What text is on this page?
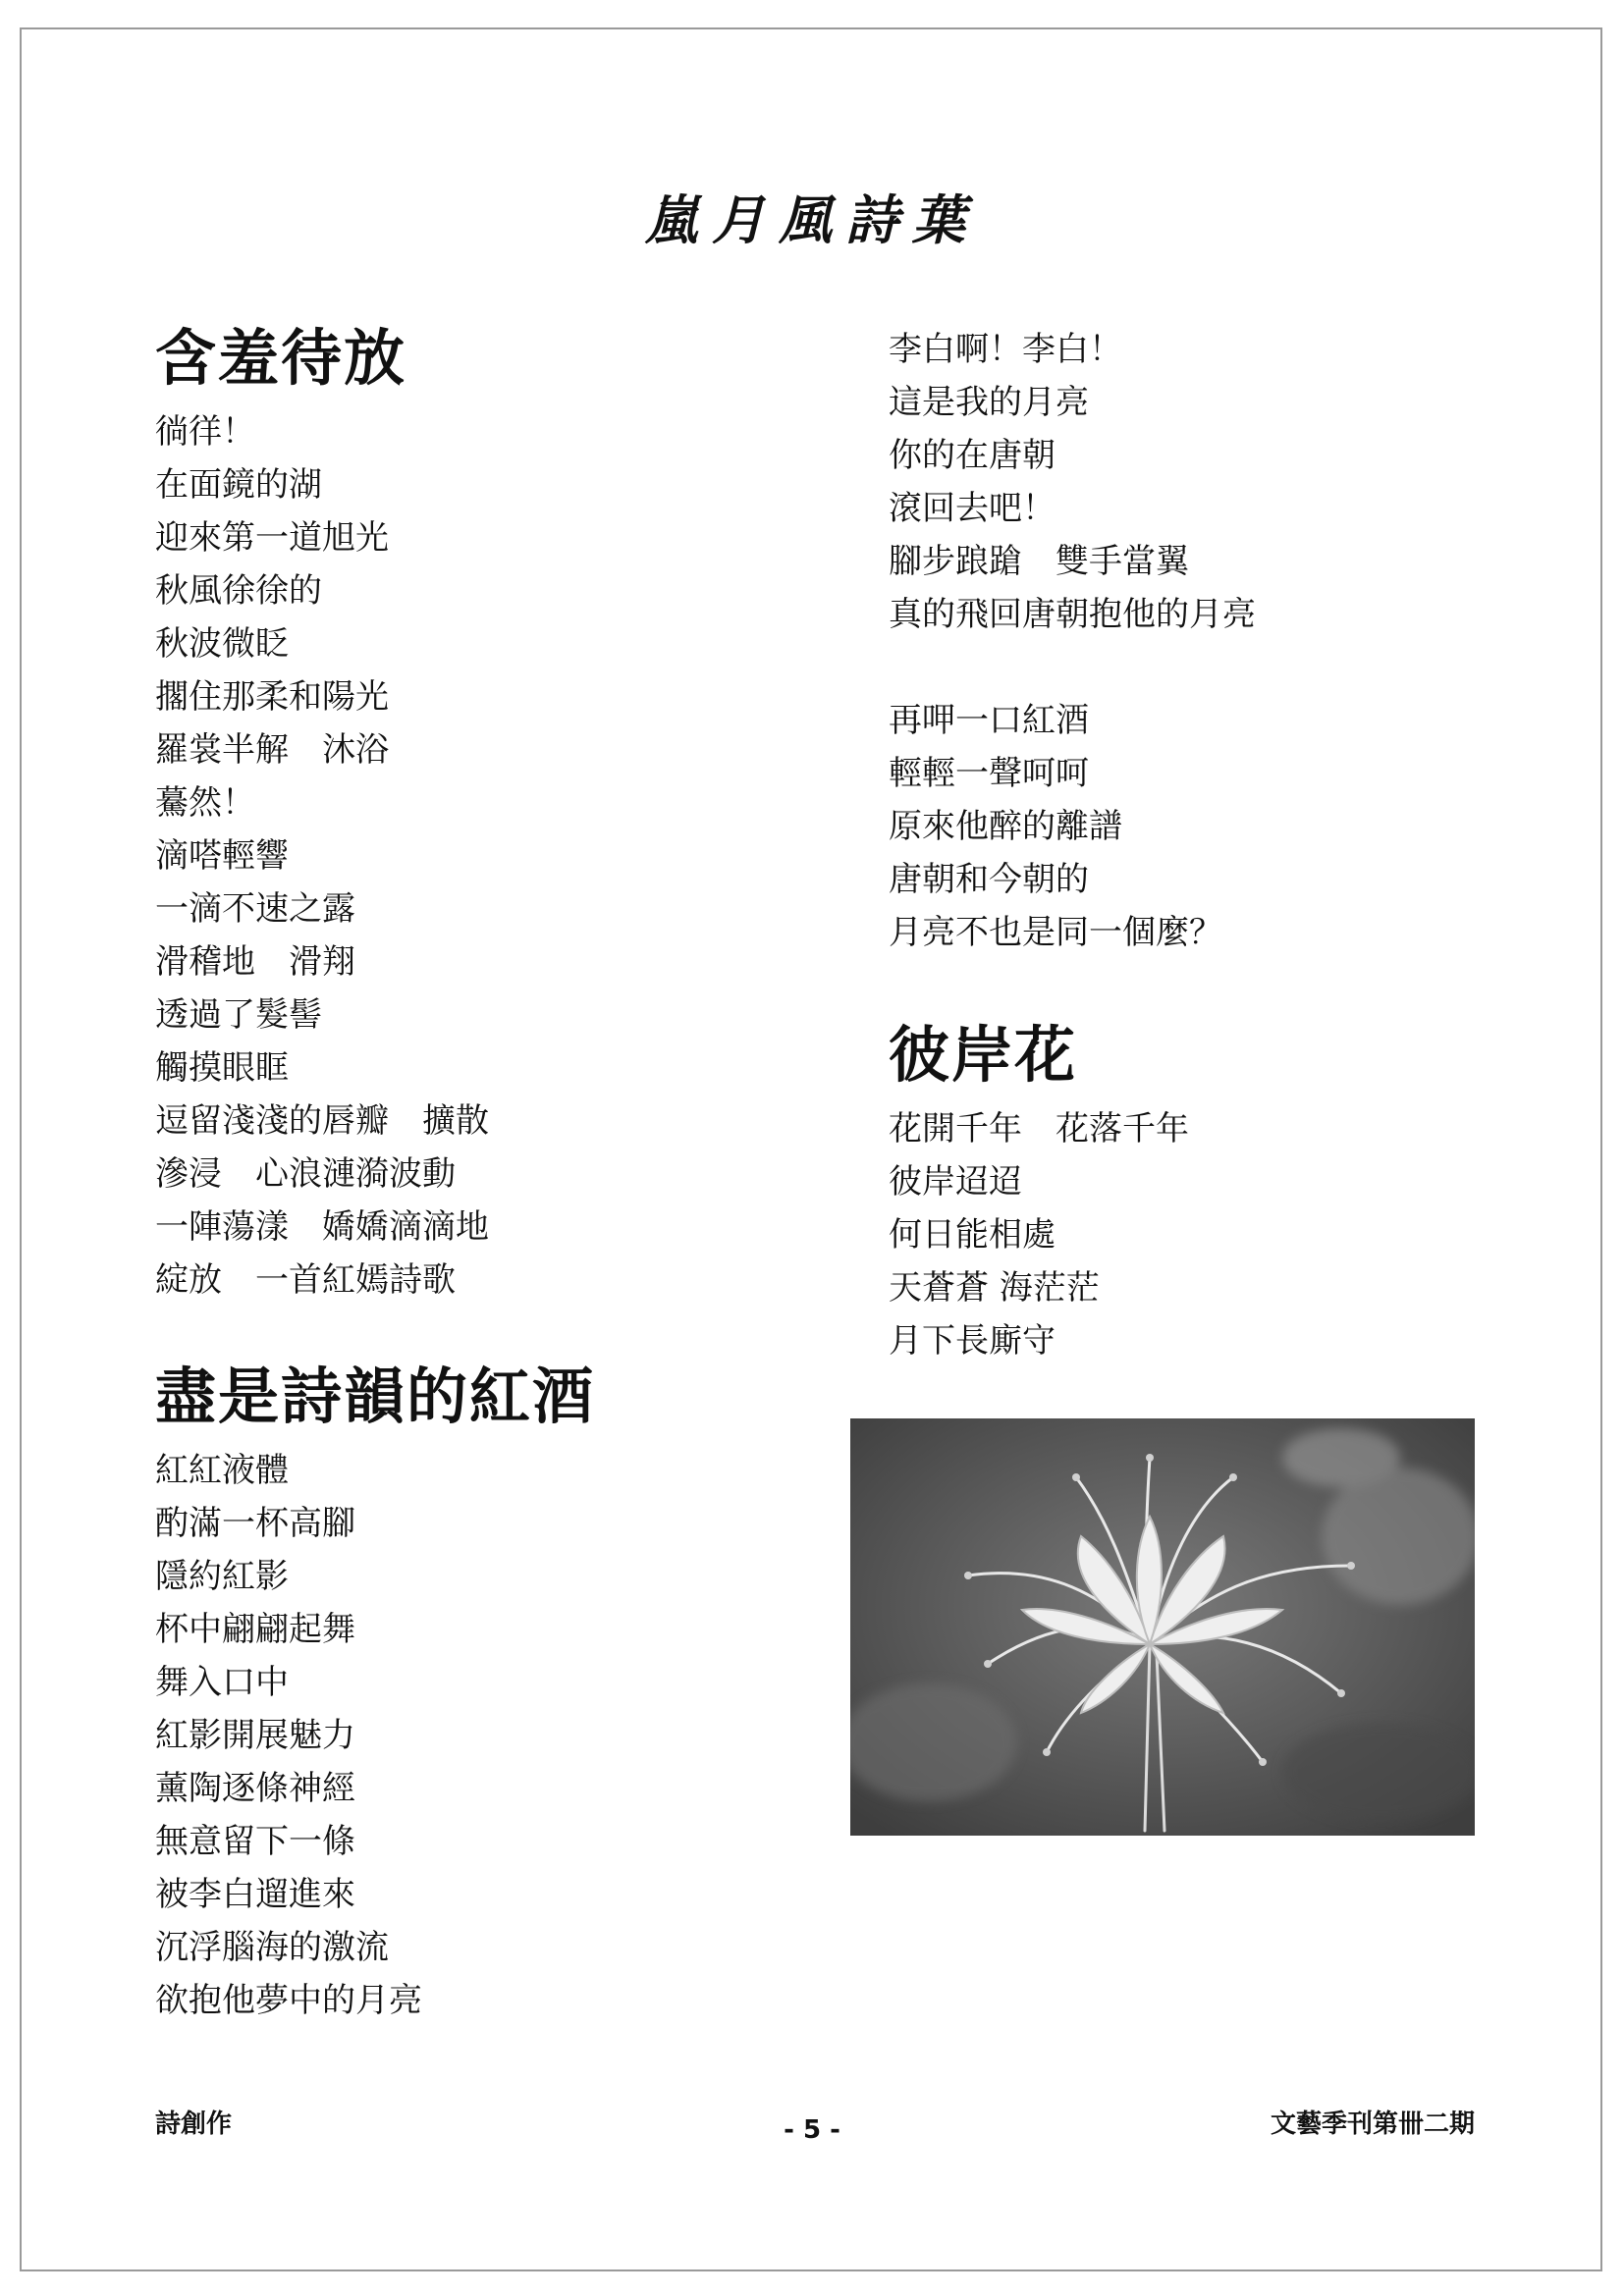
嵐月風詩葉
含羞待放
徜徉！
在面鏡的湖
迎來第一道旭光
秋風徐徐的
秋波微眨
擱住那柔和陽光
羅裳半解　沐浴
驀然！
滴嗒輕響
一滴不速之露
滑稽地　滑翔
透過了髮髻
觸摸眼眶
逗留淺淺的唇瓣　擴散
滲浸　心浪漣漪波動
一陣蕩漾　嬌嬌滴滴地
綻放　一首紅嫣詩歌
盡是詩韻的紅酒
紅紅液體
酌滿一杯高腳
隱約紅影
杯中翩翩起舞
舞入口中
紅影開展魅力
薰陶逐條神經
無意留下一條
被李白遛進來
沉浮腦海的激流
欲抱他夢中的月亮
李白啊！李白！
這是我的月亮
你的在唐朝
滾回去吧！
腳步踉蹌　雙手當翼
真的飛回唐朝抱他的月亮
再呷一口紅酒
輕輕一聲呵呵
原來他醉的離譜
唐朝和今朝的
月亮不也是同一個麼？
彼岸花
花開千年　花落千年
彼岸迢迢
何日能相處
天蒼蒼 海茫茫
月下長廝守
詩創作	- 5 -	文藝季刊第卌二期
